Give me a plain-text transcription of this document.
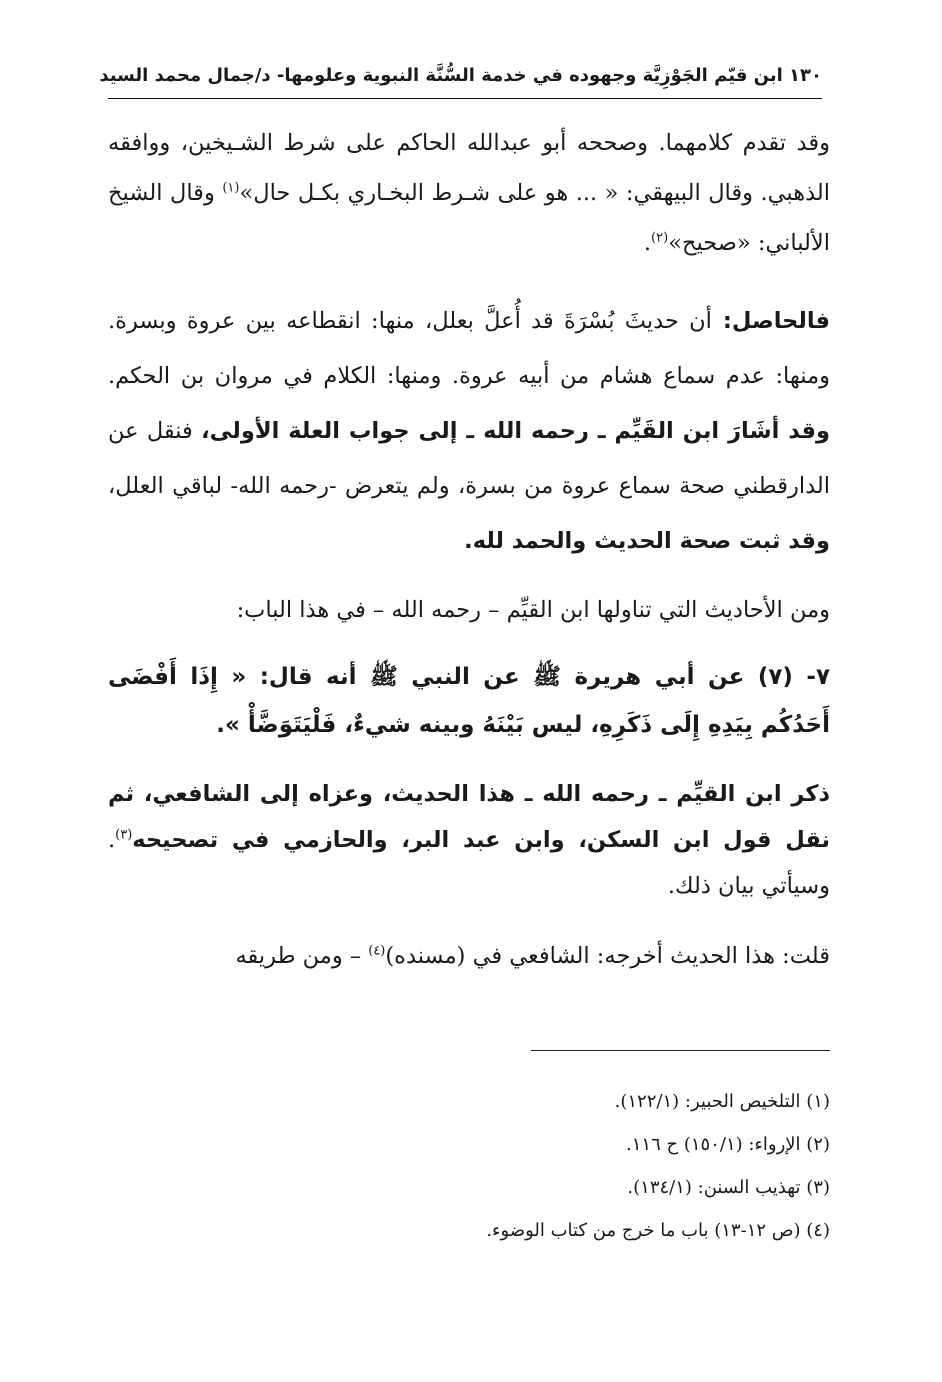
١٣٠ ابن قيّم الجَوْزِيَّة وجهوده في خدمة السُّنَّة النبوية وعلومها- د/جمال محمد السيد

وقد تقدم كلامهما. وصححه أبو عبدالله الحاكم على شرط الشـيخين، ووافقه الذهبي. وقال البيهقي: « ... هو على شـرط البخـاري بكـل حال»$^{(١)}$ وقال الشيخ الألباني: «صحيح»$^{(٢)}$.

فالحاصل: أن حديثَ بُسْرَةَ قد أُعلَّ بعلل، منها: انقطاعه بين عروة وبسرة. ومنها: عدم سماع هشام من أبيه عروة. ومنها: الكلام في مروان بن الحكم. وقد أشَارَ ابن القَيِّم ـ رحمه الله ـ إلى جواب العلة الأولى، فنقل عن الدارقطني صحة سماع عروة من بسرة، ولم يتعرض -رحمه الله- لباقي العلل، وقد ثبت صحة الحديث والحمد لله.

ومن الأحاديث التي تناولها ابن القيِّم – رحمه الله – في هذا الباب:

٧- (٧) عن أبي هريرة ﷺ عن النبي ﷺ أنه قال: « إِذَا أَفْضَى أَحَدُكُم بِيَدِهِ إِلَى ذَكَرِهِ، ليس بَيْنَهُ وبينه شيءٌ، فَلْيَتَوَضَّأْ ».

ذكر ابن القيِّم ـ رحمه الله ـ هذا الحديث، وعزاه إلى الشافعي، ثم نقل قول ابن السكن، وابن عبد البر، والحازمي في تصحيحه$^{(٣)}$. وسيأتي بيان ذلك.

قلت: هذا الحديث أخرجه: الشافعي في (مسنده)$^{(٤)}$ – ومن طريقه

(١) التلخيص الحبير: (١٢٢/١).

(٢) الإرواء: (١٥٠/١) ح ١١٦.

(٣) تهذيب السنن: (١٣٤/١).

(٤) (ص ١٢-١٣) باب ما خرج من كتاب الوضوء.
